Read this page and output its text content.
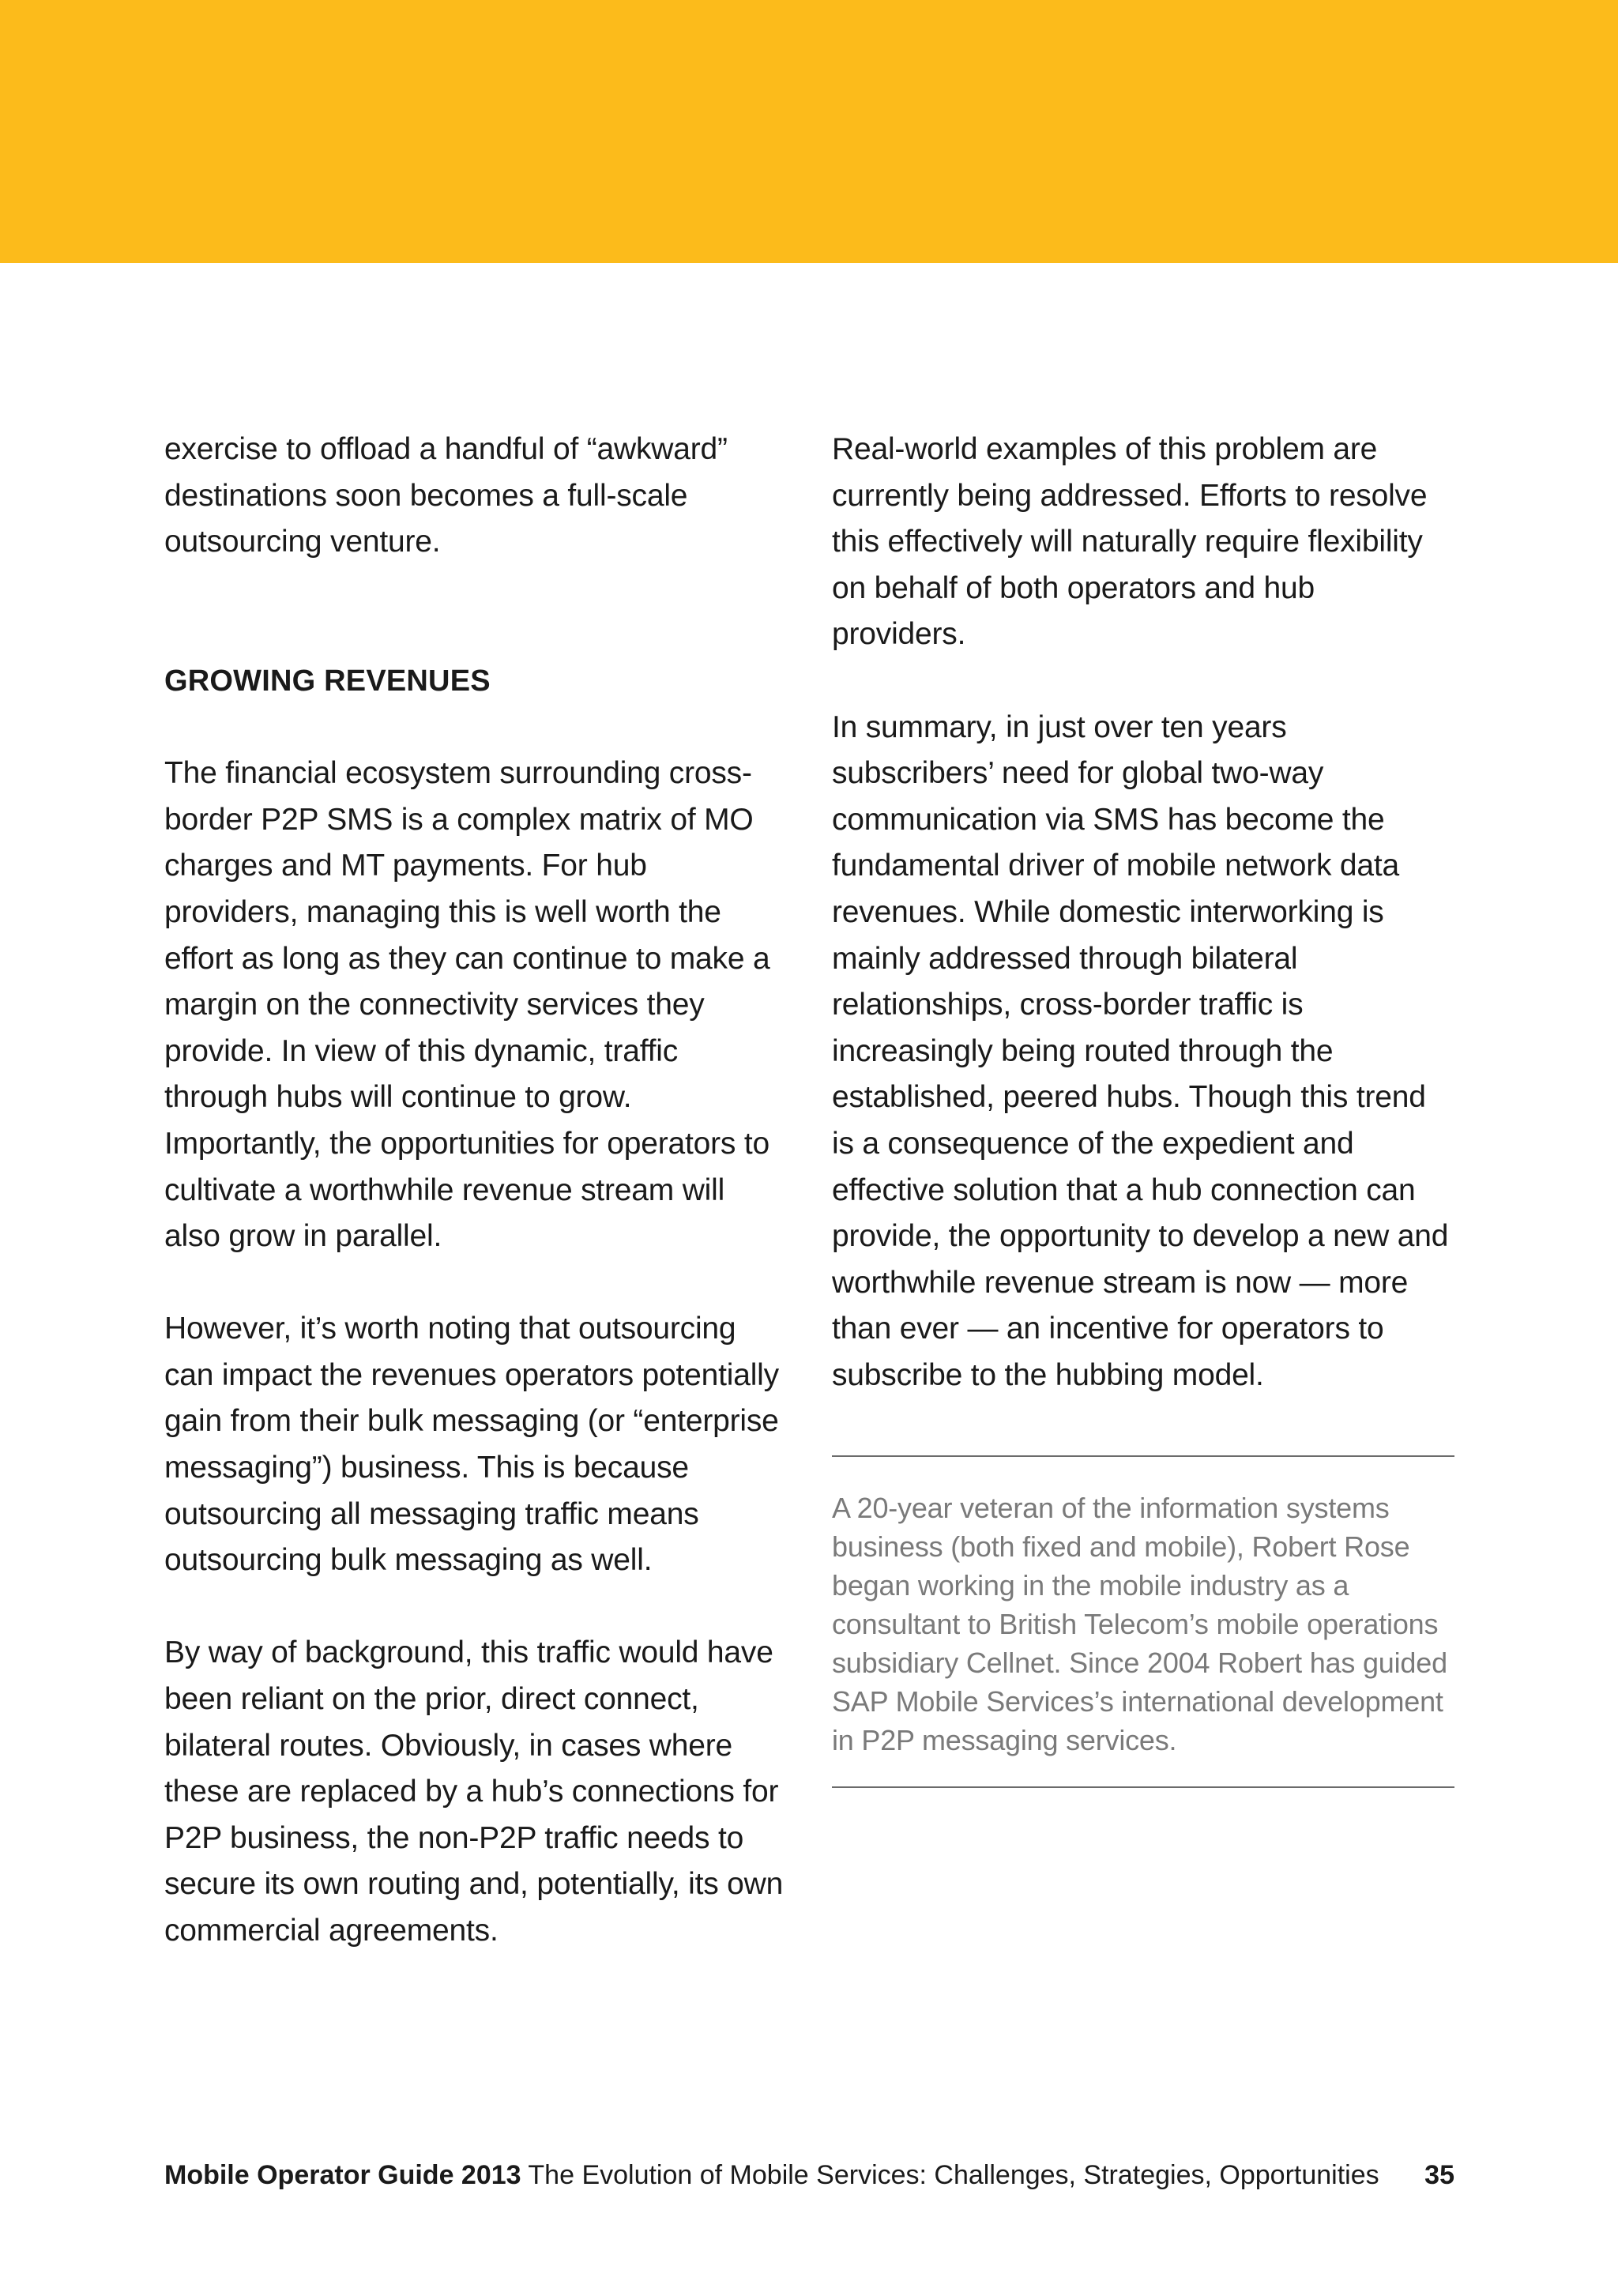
exercise to offload a handful of “awkward” destinations soon becomes a full-scale outsourcing venture.

GROWING REVENUES

The financial ecosystem surrounding cross-border P2P SMS is a complex matrix of MO charges and MT payments. For hub providers, managing this is well worth the effort as long as they can continue to make a margin on the connectivity services they provide. In view of this dynamic, traffic through hubs will continue to grow. Importantly, the opportunities for operators to cultivate a worthwhile revenue stream will also grow in parallel.

However, it’s worth noting that outsourcing can impact the revenues operators potentially gain from their bulk messaging (or “enterprise messaging”) business. This is because outsourcing all messaging traffic means outsourcing bulk messaging as well.

By way of background, this traffic would have been reliant on the prior, direct connect, bilateral routes. Obviously, in cases where these are replaced by a hub’s connections for P2P business, the non-P2P traffic needs to secure its own routing and, potentially, its own commercial agreements.

Real-world examples of this problem are currently being addressed. Efforts to resolve this effectively will naturally require flexibility on behalf of both operators and hub providers.

In summary, in just over ten years subscribers’ need for global two-way communication via SMS has become the fundamental driver of mobile network data revenues. While domestic interworking is mainly addressed through bilateral relationships, cross-border traffic is increasingly being routed through the established, peered hubs. Though this trend is a consequence of the expedient and effective solution that a hub connection can provide, the opportunity to develop a new and worthwhile revenue stream is now — more than ever — an incentive for operators to subscribe to the hubbing model.

A 20-year veteran of the information systems business (both fixed and mobile), Robert Rose began working in the mobile industry as a consultant to British Telecom’s mobile operations subsidiary Cellnet. Since 2004 Robert has guided SAP Mobile Services’s international development in P2P messaging services.
Mobile Operator Guide 2013 The Evolution of Mobile Services: Challenges, Strategies, Opportunities 35
